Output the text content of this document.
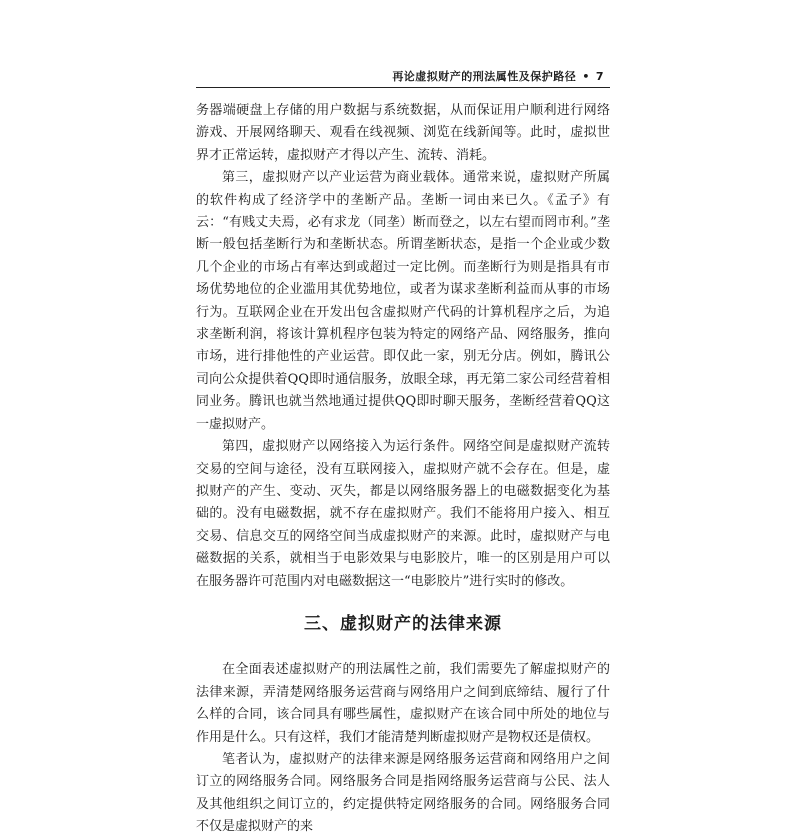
再论虚拟财产的刑法属性及保护路径 • 7

务器端硬盘上存储的用户数据与系统数据，从而保证用户顺利进行网络游戏、开展网络聊天、观看在线视频、浏览在线新闻等。此时，虚拟世界才正常运转，虚拟财产才得以产生、流转、消耗。

第三，虚拟财产以产业运营为商业载体。通常来说，虚拟财产所属的软件构成了经济学中的垄断产品。垄断一词由来已久。《孟子》有云：“有贱丈夫焉，必有求龙（同垄）断而登之，以左右望而罔市利。”垄断一般包括垄断行为和垄断状态。所谓垄断状态，是指一个企业或少数几个企业的市场占有率达到或超过一定比例。而垄断行为则是指具有市场优势地位的企业滥用其优势地位，或者为谋求垄断利益而从事的市场行为。互联网企业在开发出包含虚拟财产代码的计算机程序之后，为追求垄断利润，将该计算机程序包装为特定的网络产品、网络服务，推向市场，进行排他性的产业运营。即仅此一家，别无分店。例如，腾讯公司向公众提供着QQ即时通信服务，放眼全球，再无第二家公司经营着相同业务。腾讯也就当然地通过提供QQ即时聊天服务，垄断经营着QQ这一虚拟财产。

第四，虚拟财产以网络接入为运行条件。网络空间是虚拟财产流转交易的空间与途径，没有互联网接入，虚拟财产就不会存在。但是，虚拟财产的产生、变动、灭失，都是以网络服务器上的电磁数据变化为基础的。没有电磁数据，就不存在虚拟财产。我们不能将用户接入、相互交易、信息交互的网络空间当成虚拟财产的来源。此时，虚拟财产与电磁数据的关系，就相当于电影效果与电影胶片，唯一的区别是用户可以在服务器许可范围内对电磁数据这一“电影胶片”进行实时的修改。

三、虚拟财产的法律来源

在全面表述虚拟财产的刑法属性之前，我们需要先了解虚拟财产的法律来源，弄清楚网络服务运营商与网络用户之间到底缔结、履行了什么样的合同，该合同具有哪些属性，虚拟财产在该合同中所处的地位与作用是什么。只有这样，我们才能清楚判断虚拟财产是物权还是债权。

笔者认为，虚拟财产的法律来源是网络服务运营商和网络用户之间订立的网络服务合同。网络服务合同是指网络服务运营商与公民、法人及其他组织之间订立的，约定提供特定网络服务的合同。网络服务合同不仅是虚拟财产的来
